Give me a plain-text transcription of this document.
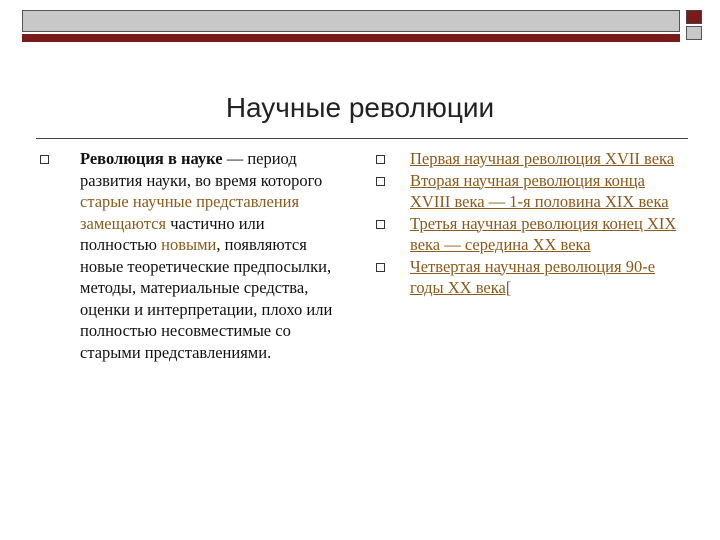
Научные революции
Революция в науке — период развития науки, во время которого старые научные представления замещаются частично или полностью новыми, появляются новые теоретические предпосылки, методы, материальные средства, оценки и интерпретации, плохо или полностью несовместимые со старыми представлениями.
Первая научная революция XVII века
Вторая научная революция конца XVIII века — 1-я половина XIX века
Третья научная революция конец XIX века — середина XX века
Четвертая научная революция 90-е годы XX века[
